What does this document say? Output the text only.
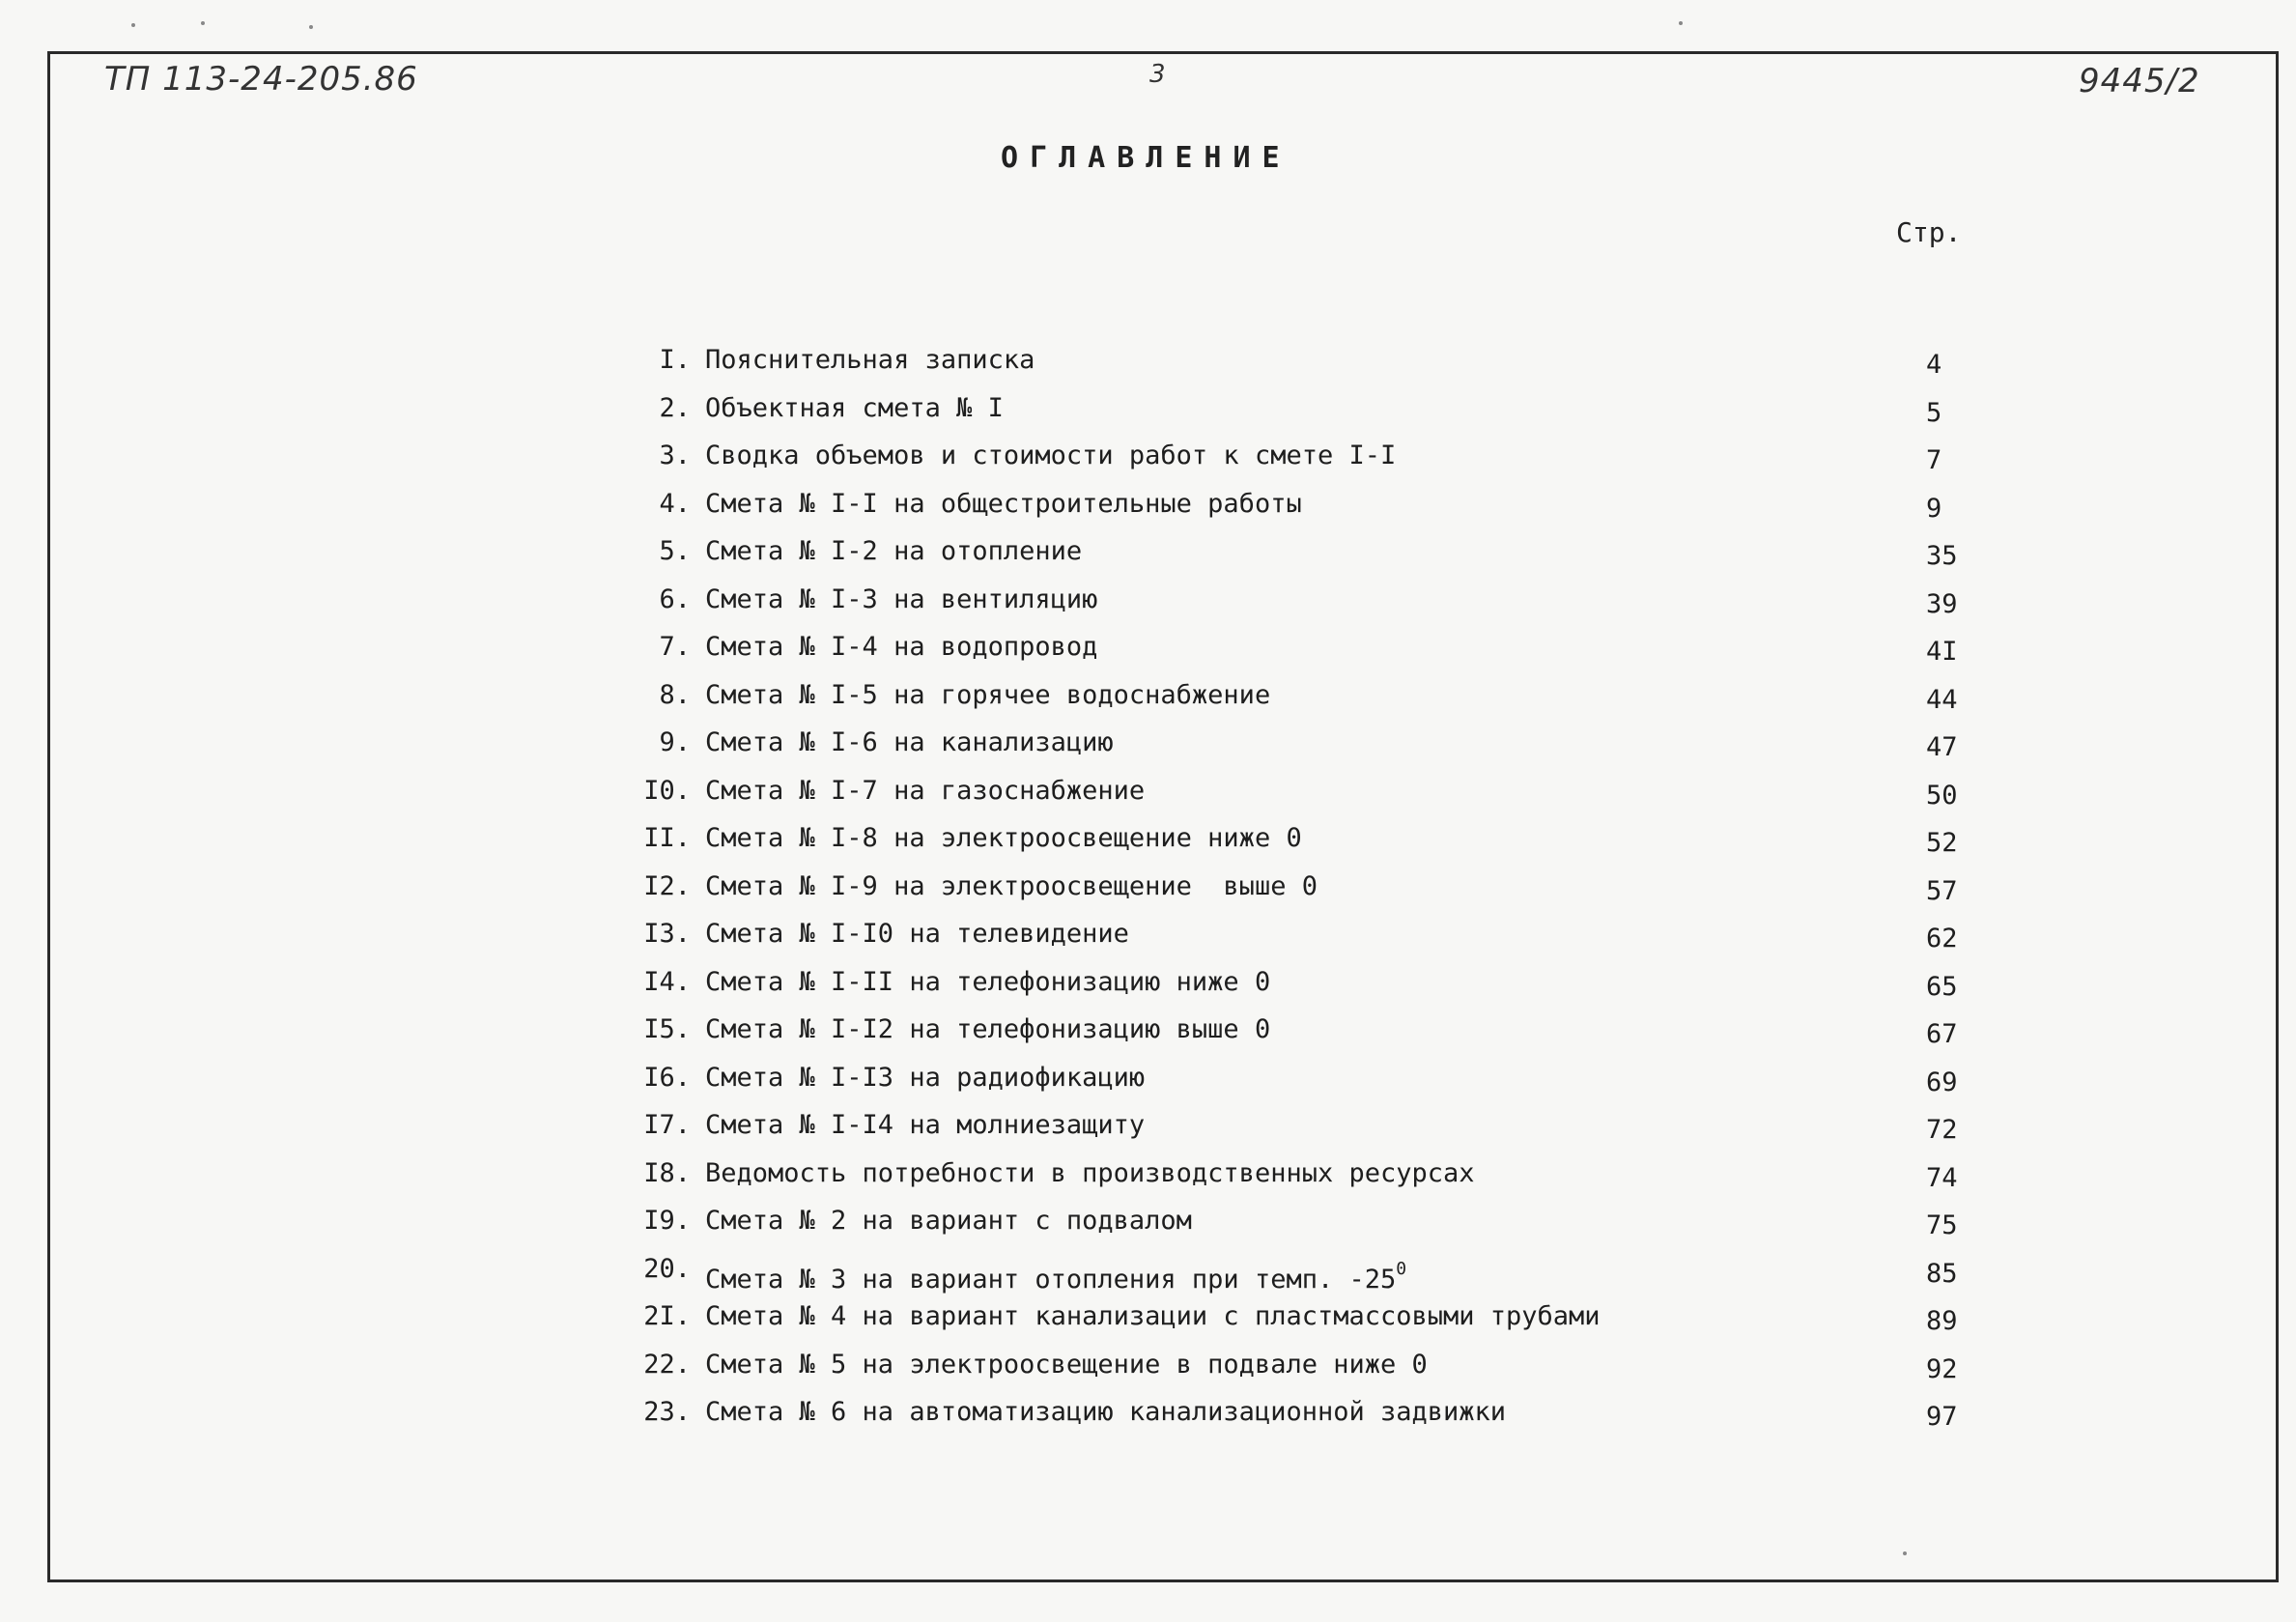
ТП 113-24-205.86	3	9445/2
ОГЛАВЛЕНИЕ
Стр.
I. Пояснительная записка	4
2. Объектная смета № I	5
3. Сводка объемов и стоимости работ к смете I-I	7
4. Смета № I-I на общестроительные работы	9
5. Смета № I-2 на отопление	35
6. Смета № I-3 на вентиляцию	39
7. Смета № I-4 на водопровод	4I
8. Смета № I-5 на горячее водоснабжение	44
9. Смета № I-6 на канализацию	47
I0. Смета № I-7 на газоснабжение	50
II. Смета № I-8 на электроосвещение ниже 0	52
I2. Смета № I-9 на электроосвещение  выше 0	57
I3. Смета № I-I0 на телевидение	62
I4. Смета № I-II на телефонизацию ниже 0	65
I5. Смета № I-I2 на телефонизацию выше 0	67
I6. Смета № I-I3 на радиофикацию	69
I7. Смета № I-I4 на молниезащиту	72
I8. Ведомость потребности в производственных ресурсах	74
I9. Смета № 2 на вариант с подвалом	75
20. Смета № 3 на вариант отопления при темп. $-25^0$	85
2I. Смета № 4 на вариант канализации с пластмассовыми трубами	89
22. Смета № 5 на электроосвещение в подвале ниже 0	92
23. Смета № 6 на автоматизацию канализационной задвижки	97
